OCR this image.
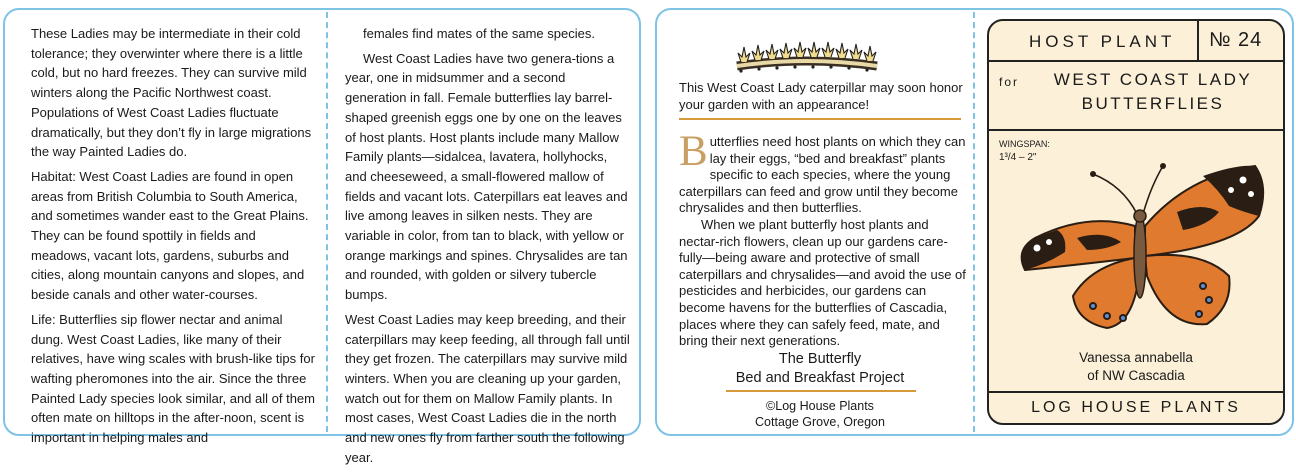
These Ladies may be intermediate in their cold tolerance; they overwinter where there is a little cold, but no hard freezes. They can survive mild winters along the Pacific Northwest coast. Populations of West Coast Ladies fluctuate dramatically, but they don’t fly in large migrations the way Painted Ladies do.

Habitat: West Coast Ladies are found in open areas from British Columbia to South America, and sometimes wander east to the Great Plains. They can be found spottily in fields and meadows, vacant lots, gardens, suburbs and cities, along mountain canyons and slopes, and beside canals and other water-courses.

Life: Butterflies sip flower nectar and animal dung. West Coast Ladies, like many of their relatives, have wing scales with brush-like tips for wafting pheromones into the air. Since the three Painted Lady species look similar, and all of them often mate on hilltops in the after-noon, scent is important in helping males and

females find mates of the same species.

West Coast Ladies have two genera-tions a year, one in midsummer and a second generation in fall. Female butterflies lay barrel-shaped greenish eggs one by one on the leaves of host plants. Host plants include many Mallow Family plants—sidalcea, lavatera, hollyhocks, and cheeseweed, a small-flowered mallow of fields and vacant lots. Caterpillars eat leaves and live among leaves in silken nests. They are variable in color, from tan to black, with yellow or orange markings and spines. Chrysalides are tan and rounded, with golden or silvery tubercle bumps.

West Coast Ladies may keep breeding, and their caterpillars may keep feeding, all through fall until they get frozen. The caterpillars may survive mild winters. When you are cleaning up your garden, watch out for them on Mallow Family plants. In most cases, West Coast Ladies die in the north and new ones fly from farther south the following year.

This West Coast Lady caterpillar may soon honor your garden with an appearance!
B utterflies need host plants on which they can lay their eggs, “bed and breakfast” plants specific to each species, where the young caterpillars can feed and grow until they become chrysalides and then butterflies.
When we plant butterfly host plants and nectar-rich flowers, clean up our gardens care-fully—being aware and protective of small caterpillars and chrysalides—and avoid the use of pesticides and herbicides, our gardens can become havens for the butterflies of Cascadia, places where they can safely feed, mate, and bring their next generations.
The Butterfly
Bed and Breakfast Project
©Log House Plants
Cottage Grove, Oregon
HOST PLANT № 24
for	WEST COAST LADY
BUTTERFLIES
WINGSPAN:
1³/4 – 2"
Vanessa annabella
of NW Cascadia
LOG HOUSE PLANTS
